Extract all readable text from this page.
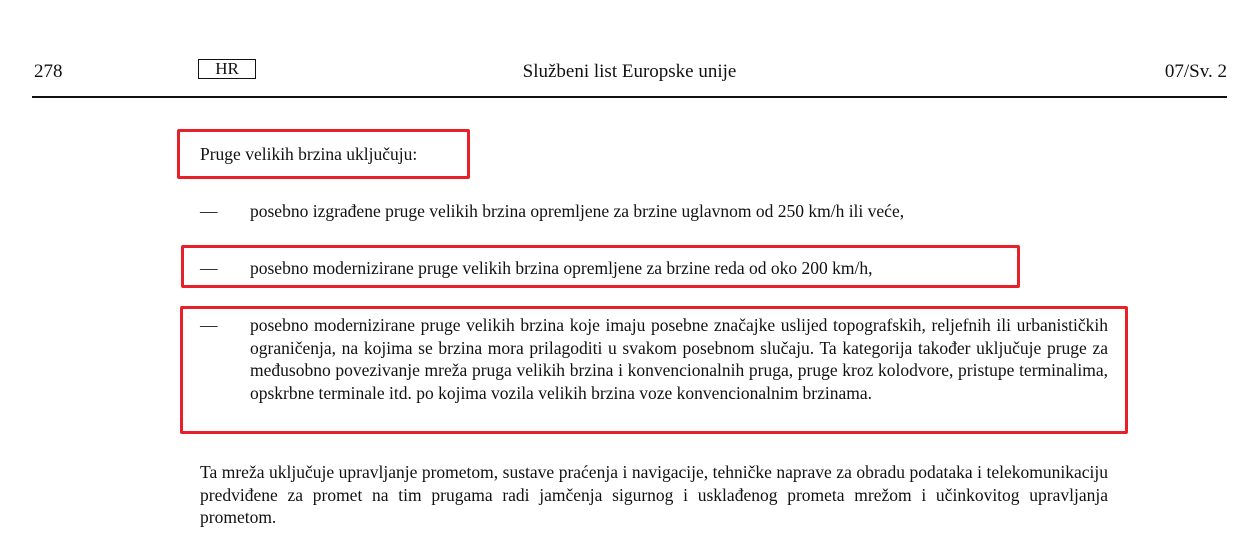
278	HR	Službeni list Europske unije	07/Sv. 2
Pruge velikih brzina uključuju:
— posebno izgrađene pruge velikih brzina opremljene za brzine uglavnom od 250 km/h ili veće,
— posebno modernizirane pruge velikih brzina opremljene za brzine reda od oko 200 km/h,
— posebno modernizirane pruge velikih brzina koje imaju posebne značajke uslijed topografskih, reljefnih ili urbanističkih ograničenja, na kojima se brzina mora prilagoditi u svakom posebnom slučaju. Ta kategorija također uključuje pruge za međusobno povezivanje mreža pruga velikih brzina i konvencionalnih pruga, pruge kroz kolodvore, pristupe terminalima, opskrbne terminale itd. po kojima vozila velikih brzina voze konvencionalnim brzinama.
Ta mreža uključuje upravljanje prometom, sustave praćenja i navigacije, tehničke naprave za obradu podataka i telekomunikaciju predviđene za promet na tim prugama radi jamčenja sigurnog i usklađenog prometa mrežom i učinkovitog upravljanja prometom.
